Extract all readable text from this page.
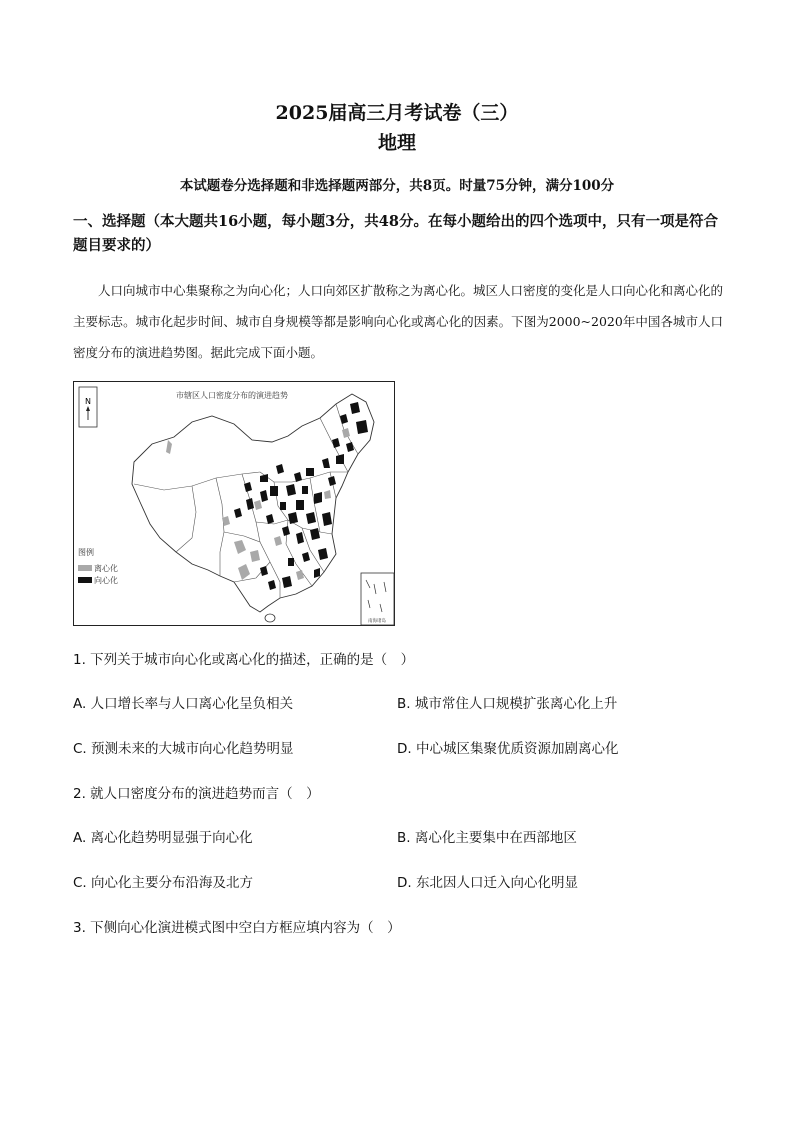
2025届高三月考试卷（三）
地理
本试题卷分选择题和非选择题两部分，共8页。时量75分钟，满分100分
一、选择题（本大题共16小题，每小题3分，共48分。在每小题给出的四个选项中，只有一项是符合题目要求的）
人口向城市中心集聚称之为向心化；人口向郊区扩散称之为离心化。城区人口密度的变化是人口向心化和离心化的主要标志。城市化起步时间、城市自身规模等都是影响向心化或离心化的因素。下图为2000~2020年中国各城市人口密度分布的演进趋势图。据此完成下面小题。
N
市辖区人口密度分布的演进趋势
图例
离心化
向心化
南海诸岛
1. 下列关于城市向心化或离心化的描述，正确的是（　）
A. 人口增长率与人口离心化呈负相关	B. 城市常住人口规模扩张离心化上升
C. 预测未来的大城市向心化趋势明显	D. 中心城区集聚优质资源加剧离心化
2. 就人口密度分布的演进趋势而言（　）
A. 离心化趋势明显强于向心化	B. 离心化主要集中在西部地区
C. 向心化主要分布沿海及北方	D. 东北因人口迁入向心化明显
3. 下侧向心化演进模式图中空白方框应填内容为（　）
